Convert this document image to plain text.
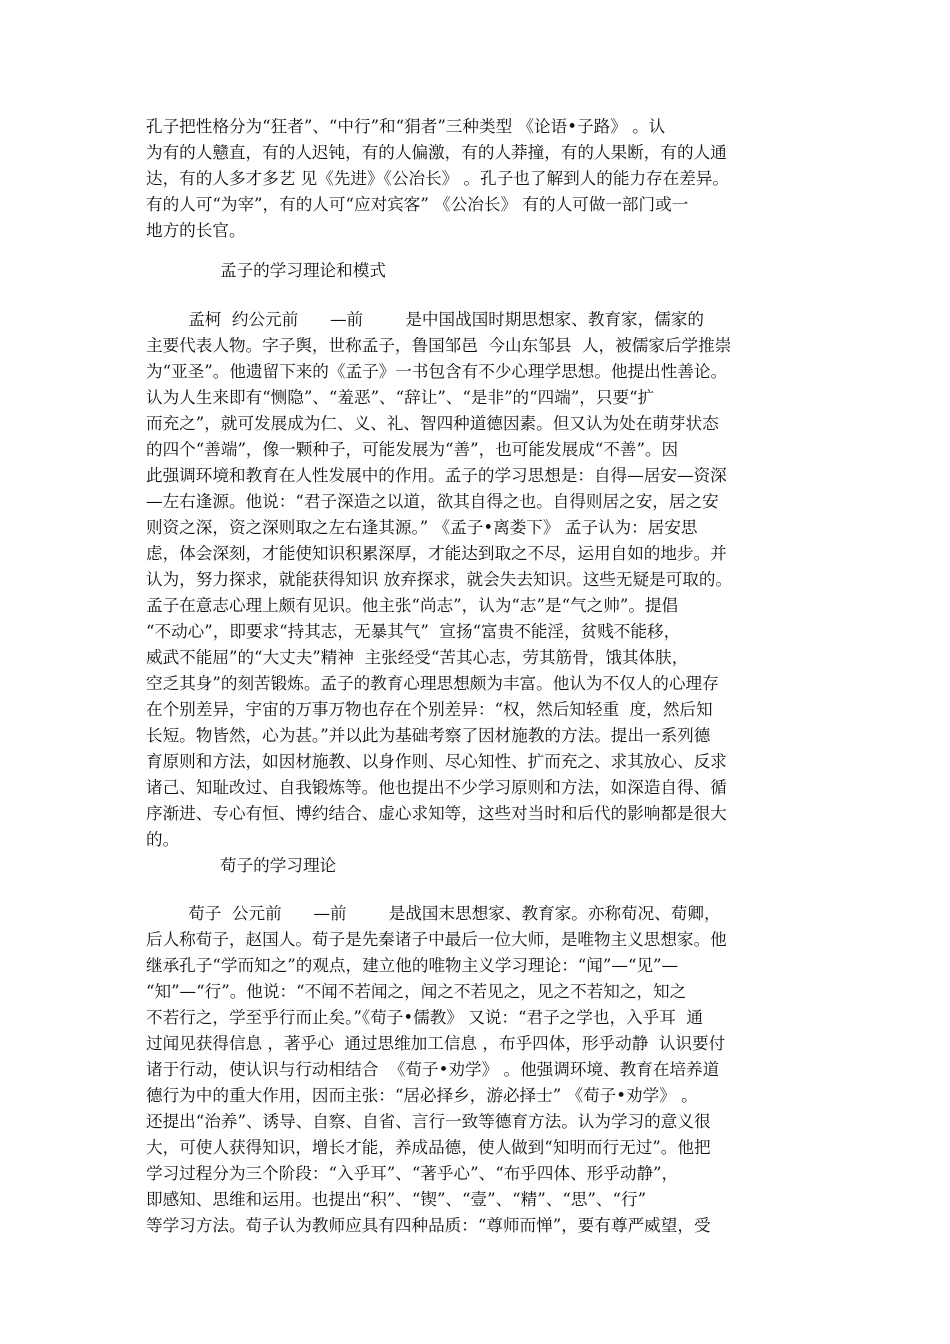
孔子把性格分为“狂者”、“中行”和“狷者”三种类型 《论语•子路》 。认
为有的人戆直，有的人迟钝，有的人偏激，有的人莽撞，有的人果断，有的人通
达，有的人多才多艺 见《先进》《公冶长》 。孔子也了解到人的能力存在差异。
有的人可“为宰”，有的人可“应对宾客” 《公冶长》 有的人可做一部门或一
地方的长官。
孟子的学习理论和模式
孟柯  约公元前      —前        是中国战国时期思想家、教育家，儒家的
主要代表人物。字子舆，世称孟子，鲁国邹邑  今山东邹县  人，被儒家后学推崇
为“亚圣”。他遗留下来的《孟子》一书包含有不少心理学思想。他提出性善论。
认为人生来即有“恻隐”、“羞恶”、“辞让”、“是非”的“四端”，只要“扩
而充之”，就可发展成为仁、义、礼、智四种道德因素。但又认为处在萌芽状态
的四个“善端”，像一颗种子，可能发展为“善”，也可能发展成“不善”。因
此强调环境和教育在人性发展中的作用。孟子的学习思想是：自得—居安—资深
—左右逢源。他说：“君子深造之以道，欲其自得之也。自得则居之安，居之安
则资之深，资之深则取之左右逢其源。” 《孟子•离娄下》 孟子认为：居安思
虑，体会深刻，才能使知识积累深厚，才能达到取之不尽，运用自如的地步。并
认为，努力探求，就能获得知识 放弃探求，就会失去知识。这些无疑是可取的。
孟子在意志心理上颇有见识。他主张“尚志”，认为“志”是“气之帅”。提倡
“不动心”，即要求“持其志，无暴其气”  宣扬“富贵不能淫，贫贱不能移，
威武不能屈”的“大丈夫”精神  主张经受“苦其心志，劳其筋骨，饿其体肤，
空乏其身”的刻苦锻炼。孟子的教育心理思想颇为丰富。他认为不仅人的心理存
在个别差异，宇宙的万事万物也存在个别差异：“权，然后知轻重  度，然后知
长短。物皆然，心为甚。”并以此为基础考察了因材施教的方法。提出一系列德
育原则和方法，如因材施教、以身作则、尽心知性、扩而充之、求其放心、反求
诸己、知耻改过、自我锻炼等。他也提出不少学习原则和方法，如深造自得、循
序渐进、专心有恒、博约结合、虚心求知等，这些对当时和后代的影响都是很大
的。
荀子的学习理论
荀子  公元前      —前        是战国末思想家、教育家。亦称荀况、荀卿，
后人称荀子，赵国人。荀子是先秦诸子中最后一位大师，是唯物主义思想家。他
继承孔子“学而知之”的观点，建立他的唯物主义学习理论：“闻”—“见”—
“知”—“行”。他说：“不闻不若闻之，闻之不若见之，见之不若知之，知之
不若行之，学至乎行而止矣。”《荀子•儒教》 又说：“君子之学也，入乎耳  通
过闻见获得信息 ，著乎心  通过思维加工信息 ，布乎四体，形乎动静  认识要付
诸于行动，使认识与行动相结合  《荀子•劝学》 。他强调环境、教育在培养道
德行为中的重大作用，因而主张：“居必择乡，游必择士” 《荀子•劝学》 。
还提出“治养”、诱导、自察、自省、言行一致等德育方法。认为学习的意义很
大，可使人获得知识，增长才能，养成品德，使人做到“知明而行无过”。他把
学习过程分为三个阶段：“入乎耳”、“著乎心”、“布乎四体、形乎动静”，
即感知、思维和运用。也提出“积”、“锲”、“壹”、“精”、“思”、“行”
等学习方法。荀子认为教师应具有四种品质：“尊师而惮”，要有尊严威望，受
